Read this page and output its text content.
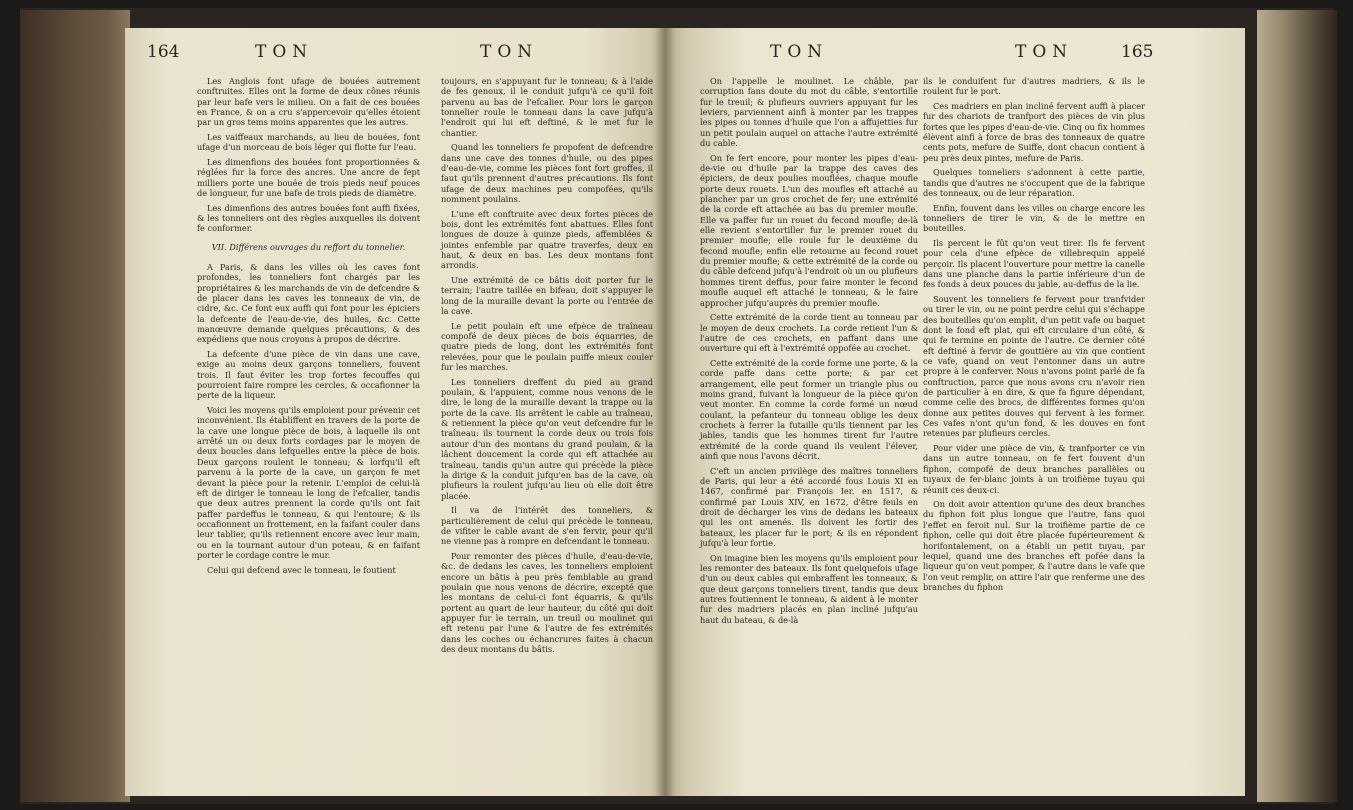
164	TON	TON

Les Anglois font ufage de bouées autrement conftruites. Elles ont la forme de deux cônes réunis par leur bafe vers le milieu. On a fait de ces bouées en France, & on a cru s'appercevoir qu'elles étoient par un gros tems moins apparentes que les autres.

Les vaiffeaux marchands, au lieu de bouées, font ufage d'un morceau de bois léger qui flotte fur l'eau.

Les dimenfions des bouées font proportionnées & réglées fur la force des ancres. Une ancre de fept milliers porte une bouée de trois pieds neuf pouces de longueur, fur une bafe de trois pieds de diamètre.

Les dimenfions des autres bouées font auffi fixées, & les tonneliers ont des règles auxquelles ils doivent fe conformer.

VII. Différens ouvrages du reffort du tonnelier.

A Paris, & dans les villes où les caves font profondes, les tonneliers font chargés par les propriétaires & les marchands de vin de defcendre & de placer dans les caves les tonneaux de vin, de cidre, &c. Ce font eux auffi qui font pour les épiciers la defcente de l'eau-de-vie, des huiles, &c. Cette manœuvre demande quelques précautions, & des expédiens que nous croyons à propos de décrire.

La defcente d'une pièce de vin dans une cave, exige au moins deux garçons tonneliers, fouvent trois. Il faut éviter les trop fortes fecouffes qui pourroient faire rompre les cercles, & occafionner la perte de la liqueur.

Voici les moyens qu'ils emploient pour prévenir cet inconvénient. Ils établiffent en travers de la porte de la cave une longue pièce de bois, à laquelle ils ont arrêté un ou deux forts cordages par le moyen de deux boucles dans lefquelles entre la pièce de bois. Deux garçons roulent le tonneau; & lorfqu'il eft parvenu à la porte de la cave, un garçon fe met devant la pièce pour la retenir. L'emploi de celui-là eft de diriger le tonneau le long de l'efcalier, tandis que deux autres prennent la corde qu'ils ont fait paffer pardeffus le tonneau, & qui l'entoure; & ils occafionnent un frottement, en la faifant couler dans leur tablier, qu'ils retiennent encore avec leur main, ou en la tournant autour d'un poteau, & en faifant porter le cordage contre le mur.

Celui qui defcend avec le tonneau, le foutient

toujours, en s'appuyant fur le tonneau; & à l'aide de fes genoux, il le conduit jufqu'à ce qu'il foit parvenu au bas de l'efcalier. Pour lors le garçon tonnelier roule le tonneau dans la cave jufqu'à l'endroit qui lui eft deftiné, & le met fur le chantier.

Quand les tonneliers fe propofent de defcendre dans une cave des tonnes d'huile, ou des pipes d'eau-de-vie, comme les pièces font fort groffes, il faut qu'ils prennent d'autres précautions. Ils font ufage de deux machines peu compofées, qu'ils nomment poulains.

L'une eft conftruite avec deux fortes pièces de bois, dont les extrémités font abattues. Elles font longues de douze à quinze pieds, affemblées & jointes enfemble par quatre traverfes, deux en haut, & deux en bas. Les deux montans font arrondis.

Une extrémité de ce bâtis doit porter fur le terrain; l'autre taillée en bifeau, doit s'appuyer le long de la muraille devant la porte ou l'entrée de la cave.

Le petit poulain eft une efpèce de traîneau compofé de deux pièces de bois équarries, de quatre pieds de long, dont les extrémités font relevées, pour que le poulain puiffe mieux couler fur les marches.

Les tonneliers dreffent du pied au grand poulain, & l'appuient, comme nous venons de le dire, le long de la muraille devant la trappe ou la porte de la cave. Ils arrêtent le cable au traîneau, & retiennent la pièce qu'on veut defcendre fur le traîneau: ils tournent la corde deux ou trois fois autour d'un des montans du grand poulain, & la lâchent doucement la corde qui eft attachée au traîneau, tandis qu'un autre qui précède la pièce la dirige & la conduit jufqu'en bas de la cave, où plufieurs la roulent jufqu'au lieu où elle doit être placée.

Il va de l'intérêt des tonneliers, & particulièrement de celui qui précède le tonneau, de vifiter le cable avant de s'en fervir, pour qu'il ne vienne pas à rompre en defcendant le tonneau.

Pour remonter des pièces d'huile, d'eau-de-vie, &c. de dedans les caves, les tonneliers emploient encore un bâtis à peu près femblable au grand poulain que nous venons de décrire, excepté que les montans de celui-ci font équarris, & qu'ils portent au quart de leur hauteur, du côté qui doit appuyer fur le terrain, un treuil ou moulinet qui eft retenu par l'une & l'autre de fes extrémités dans les coches ou échancrures faites à chacun des deux montans du bâtis.

TON	TON	165

On l'appelle le moulinet. Le châble, par corruption fans doute du mot du câble, s'entortille fur le treuil; & plufieurs ouvriers appuyant fur les leviers, parviennent ainfi à monter par les trappes les pipes ou tonnes d'huile que l'on a affujetties fur un petit poulain auquel on attache l'autre extrémité du cable.

On fe fert encore, pour monter les pipes d'eau-de-vie ou d'huile par la trappe des caves des épiciers, de deux poulies mouflées, chaque moufle porte deux rouets. L'un des moufles eft attaché au plancher par un gros crochet de fer; une extrémité de la corde eft attachée au bas du premier moufle. Elle va paffer fur un rouet du fecond moufle; de-là elle revient s'entortiller fur le premier rouet du premier moufle; elle roule fur le deuxième du fecond moufle; enfin elle retourne au fecond rouet du premier moufle; & cette extrémité de la corde ou du câble defcend jufqu'à l'endroit où un ou plufieurs hommes tirent deffus, pour faire monter le fecond moufle auquel eft attaché le tonneau, & le faire approcher jufqu'auprès du premier moufle.

Cette extrémité de la corde tient au tonneau par le moyen de deux crochets. La corde retient l'un & l'autre de ces crochets, en paffant dans une ouverture qui eft à l'extrémité oppofée au crochet.

Cette extrémité de la corde forme une porte, & la corde paffe dans cette porte; & par cet arrangement, elle peut former un triangle plus ou moins grand, fuivant la longueur de la pièce qu'on veut monter. En comme la corde formé un nœud coulant, la pefanteur du tonneau oblige les deux crochets à ferrer la futaille qu'ils tiennent par les jables, tandis que les hommes tirent fur l'autre extrémité de la corde quand ils veulent l'élever, ainfi que nous l'avons décrit.

C'eft un ancien privilège des maîtres tonneliers de Paris, qui leur a été accordé fous Louis XI en 1467, confirmé par François Ier. en 1517, & confirmé par Louis XIV, en 1672, d'être feuls en droit de décharger les vins de dedans les bateaux qui les ont amenés. Ils doivent les fortir des bateaux, les placer fur le port; & ils en répondent jufqu'à leur fortie.

On imagine bien les moyens qu'ils emploient pour les remonter des bateaux. Ils font quelquefois ufage d'un ou deux cables qui embraffent les tonneaux, & que deux garçons tonneliers tirent, tandis que deux autres foutiennent le tonneau, & aident à le monter fur des madriers placés en plan incliné jufqu'au haut du bateau, & de-là

ils le conduifent fur d'autres madriers, & ils le roulent fur le port.

Ces madriers en plan incliné fervent auffi à placer fur des chariots de tranfport des pièces de vin plus fortes que les pipes d'eau-de-vie. Cinq ou fix hommes élèvent ainfi à force de bras des tonneaux de quatre cents pots, mefure de Suiffe, dont chacun contient à peu près deux pintes, mefure de Paris.

Quelques tonneliers s'adonnent à cette partie, tandis que d'autres ne s'occupent que de la fabrique des tonneaux, ou de leur réparation.

Enfin, fouvent dans les villes on charge encore les tonneliers de tirer le vin, & de le mettre en bouteilles.

Ils percent le fût qu'on veut tirer. Ils fe fervent pour cela d'une efpèce de villebrequin appelé perçoir. Ils placent l'ouverture pour mettre la canelle dans une planche dans la partie inférieure d'un de fes fonds à deux pouces du jable, au-deffus de la lie.

Souvent les tonneliers fe fervent pour tranfvider ou tirer le vin, ou ne point perdre celui qui s'échappe des bouteilles qu'on emplit, d'un petit vafe ou baquet dont le fond eft plat, qui eft circulaire d'un côté, & qui fe termine en pointe de l'autre. Ce dernier côté eft deftiné à fervir de gouttière au vin que contient ce vafe, quand on veut l'entonner dans un autre propre à le conferver. Nous n'avons point parlé de fa conftruction, parce que nous avons cru n'avoir rien de particulier à en dire, & que fa figure dépendant, comme celle des brocs, de différentes formes qu'on donne aux petites douves qui fervent à les former. Ces vafes n'ont qu'un fond, & les douves en font retenues par plufieurs cercles.

Pour vider une pièce de vin, & tranfporter ce vin dans un autre tonneau, on fe fert fouvent d'un fiphon, compofé de deux branches parallèles ou tuyaux de fer-blanc joints à un troifième tuyau qui réunit ces deux-ci.

On doit avoir attention qu'une des deux branches du fiphon foit plus longue que l'autre, fans quoi l'effet en feroit nul. Sur la troifième partie de ce fiphon, celle qui doit être placée fupérieurement & horifontalement, on a établi un petit tuyau, par lequel, quand une des branches eft pofée dans la liqueur qu'on veut pomper, & l'autre dans le vafe que l'on veut remplir, on attire l'air que renferme une des branches du fiphon
